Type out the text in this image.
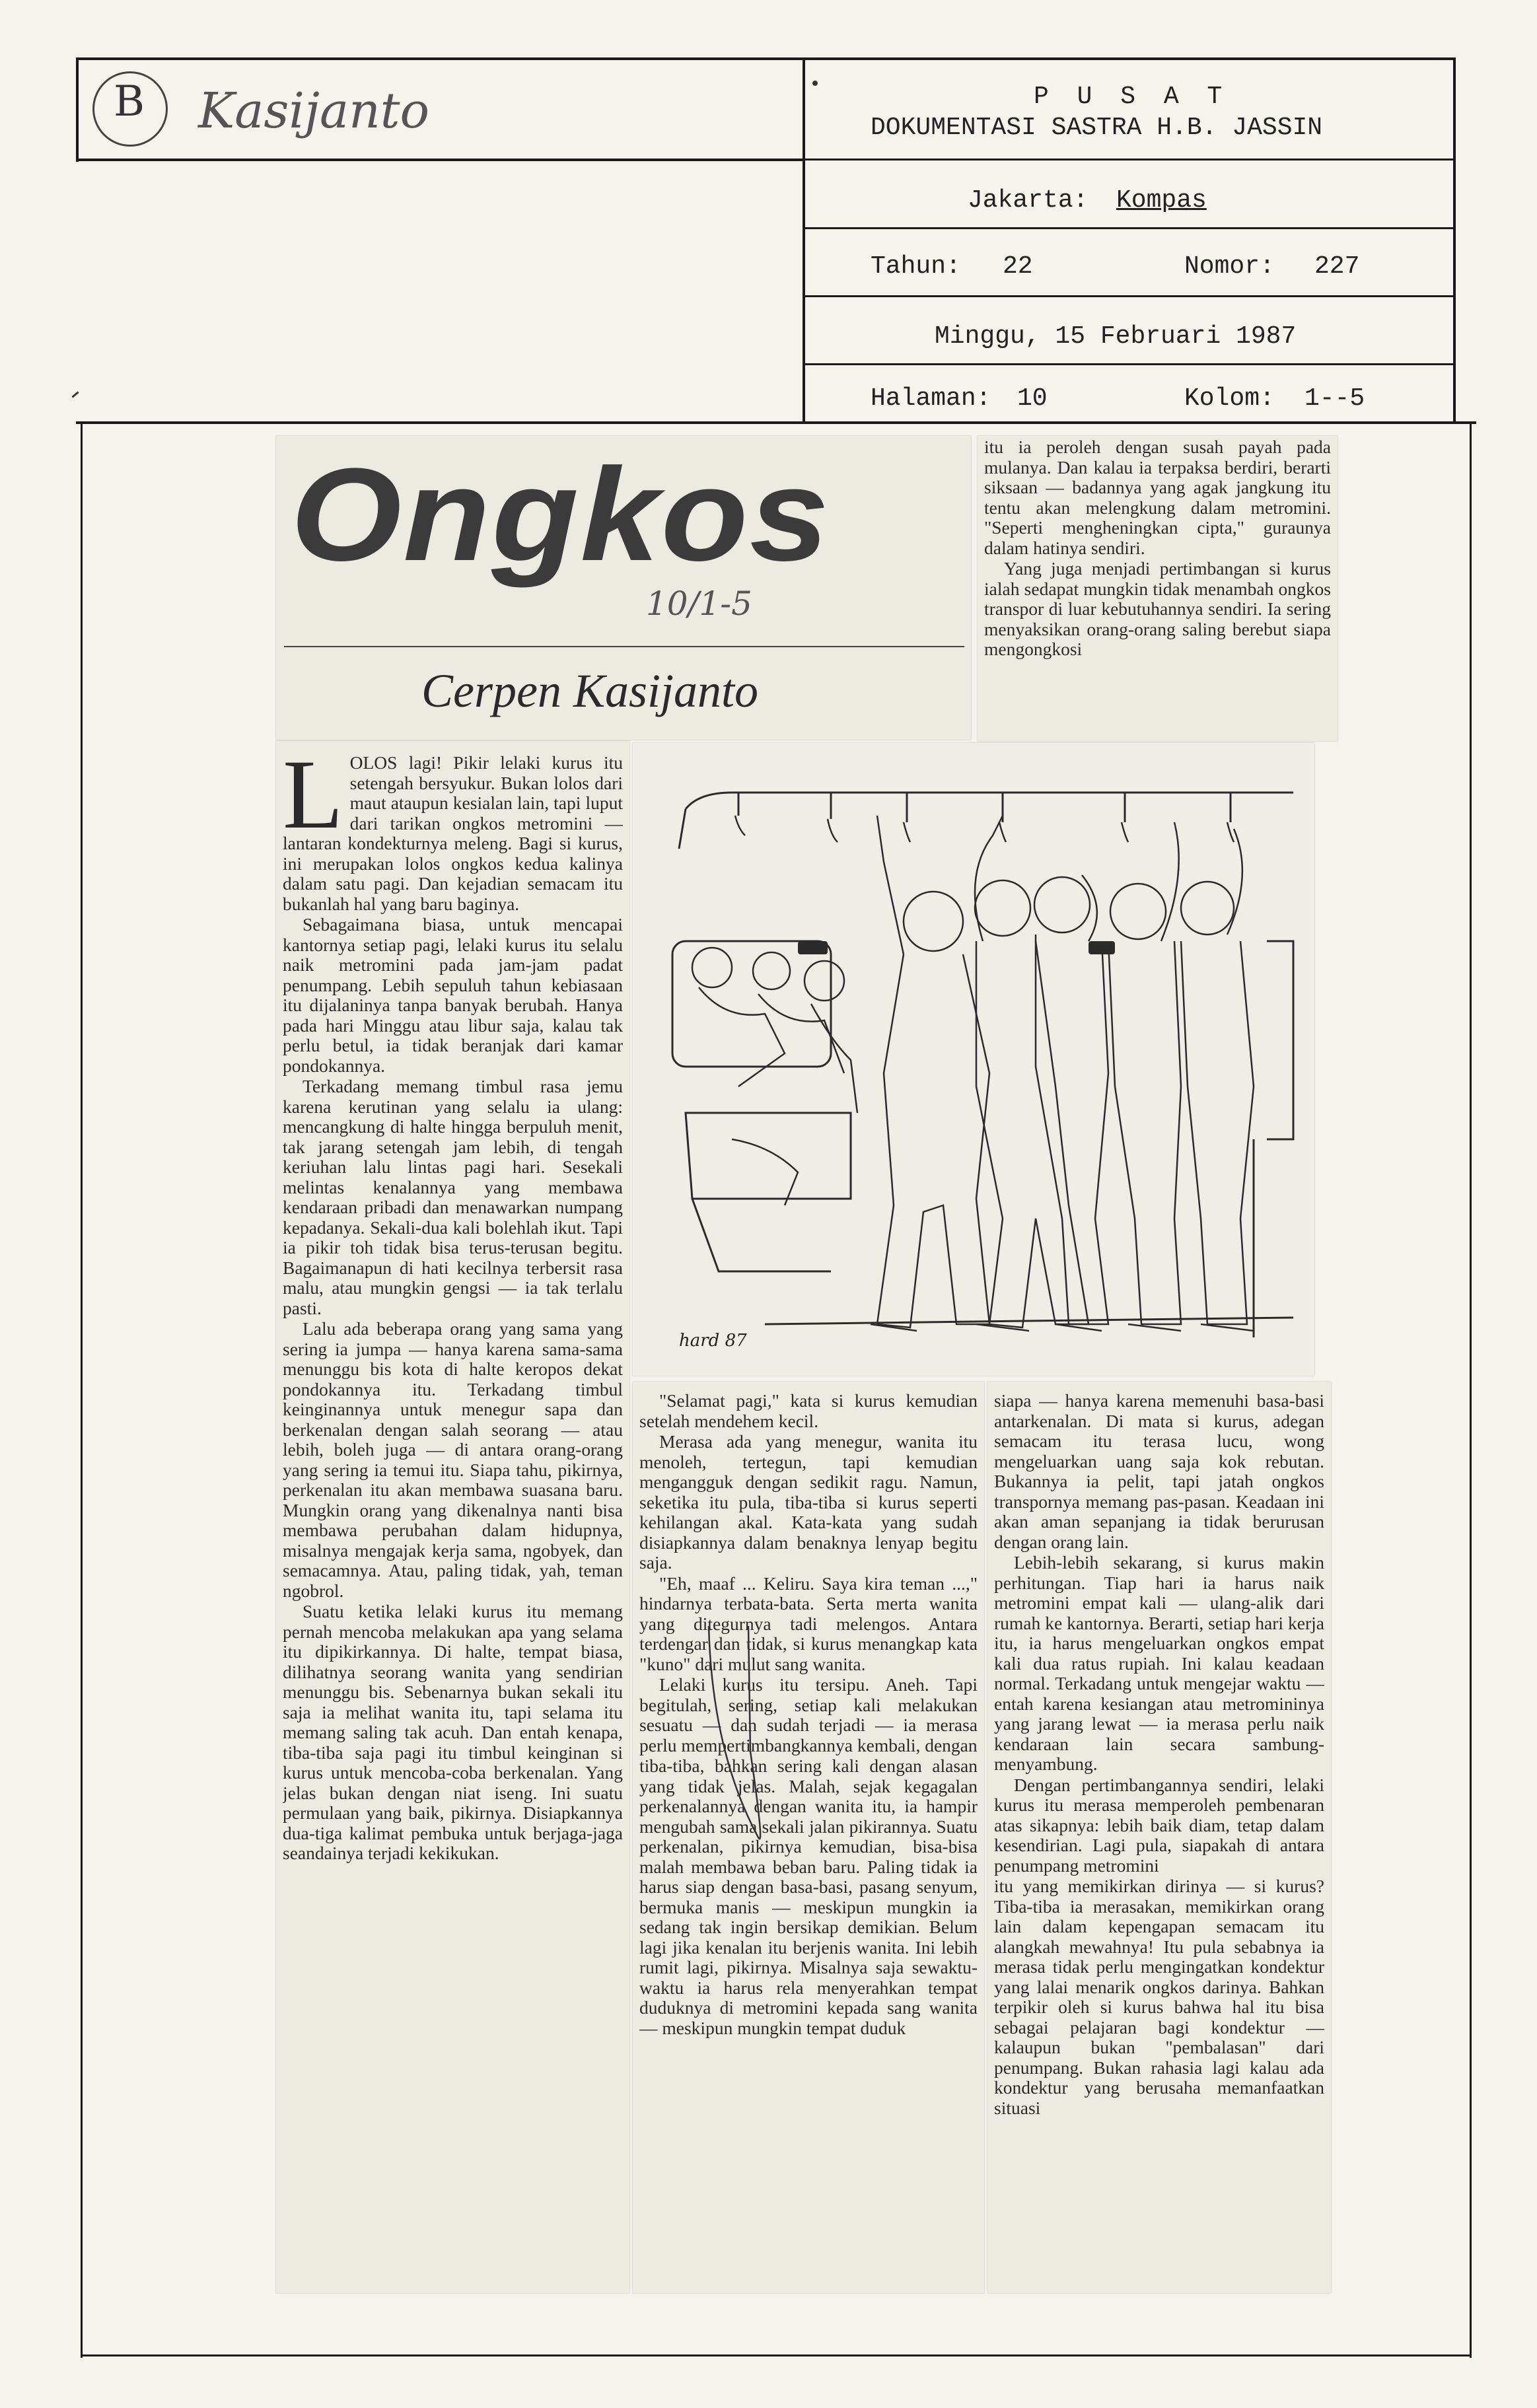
B Kasijanto	P U S A T
DOKUMENTASI SASTRA H.B. JASSIN
Jakarta: Kompas
Tahun: 22	Nomor: 227
Minggu, 15 Februari 1987
Halaman: 10	Kolom: 1--5
Ongkos
10/1-5
Cerpen Kasijanto

itu ia peroleh dengan susah payah pada mulanya. Dan kalau ia terpaksa berdiri, berarti siksaan — badannya yang agak jangkung itu tentu akan melengkung dalam metromini. "Seperti mengheningkan cipta," guraunya dalam hatinya sendiri.

Yang juga menjadi pertimbangan si kurus ialah sedapat mungkin tidak menambah ongkos transpor di luar kebutuhannya sendiri. Ia sering menyaksikan orang-orang saling berebut siapa mengongkosi

hard 87

LOLOS lagi! Pikir lelaki kurus itu setengah bersyukur. Bukan lolos dari maut ataupun kesialan lain, tapi luput dari tarikan ongkos metromini — lantaran kondekturnya meleng. Bagi si kurus, ini merupakan lolos ongkos kedua kalinya dalam satu pagi. Dan kejadian semacam itu bukanlah hal yang baru baginya.

Sebagaimana biasa, untuk mencapai kantornya setiap pagi, lelaki kurus itu selalu naik metromini pada jam-jam padat penumpang. Lebih sepuluh tahun kebiasaan itu dijalaninya tanpa banyak berubah. Hanya pada hari Minggu atau libur saja, kalau tak perlu betul, ia tidak beranjak dari kamar pondokannya.

Terkadang memang timbul rasa jemu karena kerutinan yang selalu ia ulang: mencangkung di halte hingga berpuluh menit, tak jarang setengah jam lebih, di tengah keriuhan lalu lintas pagi hari. Sesekali melintas kenalannya yang membawa kendaraan pribadi dan menawarkan numpang kepadanya. Sekali-dua kali bolehlah ikut. Tapi ia pikir toh tidak bisa terus-terusan begitu. Bagaimanapun di hati kecilnya terbersit rasa malu, atau mungkin gengsi — ia tak terlalu pasti.

Lalu ada beberapa orang yang sama yang sering ia jumpa — hanya karena sama-sama menunggu bis kota di halte keropos dekat pondokannya itu. Terkadang timbul keinginannya untuk menegur sapa dan berkenalan dengan salah seorang — atau lebih, boleh juga — di antara orang-orang yang sering ia temui itu. Siapa tahu, pikirnya, perkenalan itu akan membawa suasana baru. Mungkin orang yang dikenalnya nanti bisa membawa perubahan dalam hidupnya, misalnya mengajak kerja sama, ngobyek, dan semacamnya. Atau, paling tidak, yah, teman ngobrol.

Suatu ketika lelaki kurus itu memang pernah mencoba melakukan apa yang selama itu dipikirkannya. Di halte, tempat biasa, dilihatnya seorang wanita yang sendirian menunggu bis. Sebenarnya bukan sekali itu saja ia melihat wanita itu, tapi selama itu memang saling tak acuh. Dan entah kenapa, tiba-tiba saja pagi itu timbul keinginan si kurus untuk mencoba-coba berkenalan. Yang jelas bukan dengan niat iseng. Ini suatu permulaan yang baik, pikirnya. Disiapkannya dua-tiga kalimat pembuka untuk berjaga-jaga seandainya terjadi kekikukan.

"Selamat pagi," kata si kurus kemudian setelah mendehem kecil.

Merasa ada yang menegur, wanita itu menoleh, tertegun, tapi kemudian mengangguk dengan sedikit ragu. Namun, seketika itu pula, tiba-tiba si kurus seperti kehilangan akal. Kata-kata yang sudah disiapkannya dalam benaknya lenyap begitu saja.

"Eh, maaf ... Keliru. Saya kira teman ...," hindarnya terbata-bata. Serta merta wanita yang ditegurnya tadi melengos. Antara terdengar dan tidak, si kurus menangkap kata "kuno" dari mulut sang wanita.

Lelaki kurus itu tersipu. Aneh. Tapi begitulah, sering, setiap kali melakukan sesuatu — dan sudah terjadi — ia merasa perlu mempertimbangkannya kembali, dengan

tiba-tiba, bahkan sering kali dengan alasan yang tidak jelas. Malah, sejak kegagalan perkenalannya dengan wanita itu, ia hampir mengubah sama sekali jalan pikirannya. Suatu perkenalan, pikirnya kemudian, bisa-bisa malah membawa beban baru. Paling tidak ia harus siap dengan basa-basi, pasang senyum, bermuka manis — meskipun mungkin ia sedang tak ingin bersikap demikian. Belum lagi jika kenalan itu berjenis wanita. Ini lebih rumit lagi, pikirnya. Misalnya saja sewaktu-waktu ia harus rela menyerahkan tempat duduknya di metromini kepada sang wanita — meskipun mungkin tempat duduk

siapa — hanya karena memenuhi basa-basi antarkenalan. Di mata si kurus, adegan semacam itu terasa lucu, wong mengeluarkan uang saja kok rebutan. Bukannya ia pelit, tapi jatah ongkos transpornya memang pas-pasan. Keadaan ini akan aman sepanjang ia tidak berurusan dengan orang lain.

Lebih-lebih sekarang, si kurus makin perhitungan. Tiap hari ia harus naik metromini empat kali — ulang-alik dari rumah ke kantornya. Berarti, setiap hari kerja itu, ia harus mengeluarkan ongkos empat kali dua ratus rupiah. Ini kalau keadaan normal. Terkadang untuk mengejar waktu — entah karena kesiangan atau metromininya yang jarang lewat — ia merasa perlu naik kendaraan lain secara sambung-menyambung.

Dengan pertimbangannya sendiri, lelaki kurus itu merasa memperoleh pembenaran atas sikapnya: lebih baik diam, tetap dalam kesendirian. Lagi pula, siapakah di antara penumpang metromini

itu yang memikirkan dirinya — si kurus? Tiba-tiba ia merasakan, memikirkan orang lain dalam kepengapan semacam itu alangkah mewahnya! Itu pula sebabnya ia merasa tidak perlu mengingatkan kondektur yang lalai menarik ongkos darinya. Bahkan terpikir oleh si kurus bahwa hal itu bisa sebagai pelajaran bagi kondektur — kalaupun bukan "pembalasan" dari penumpang. Bukan rahasia lagi kalau ada kondektur yang berusaha memanfaatkan situasi
